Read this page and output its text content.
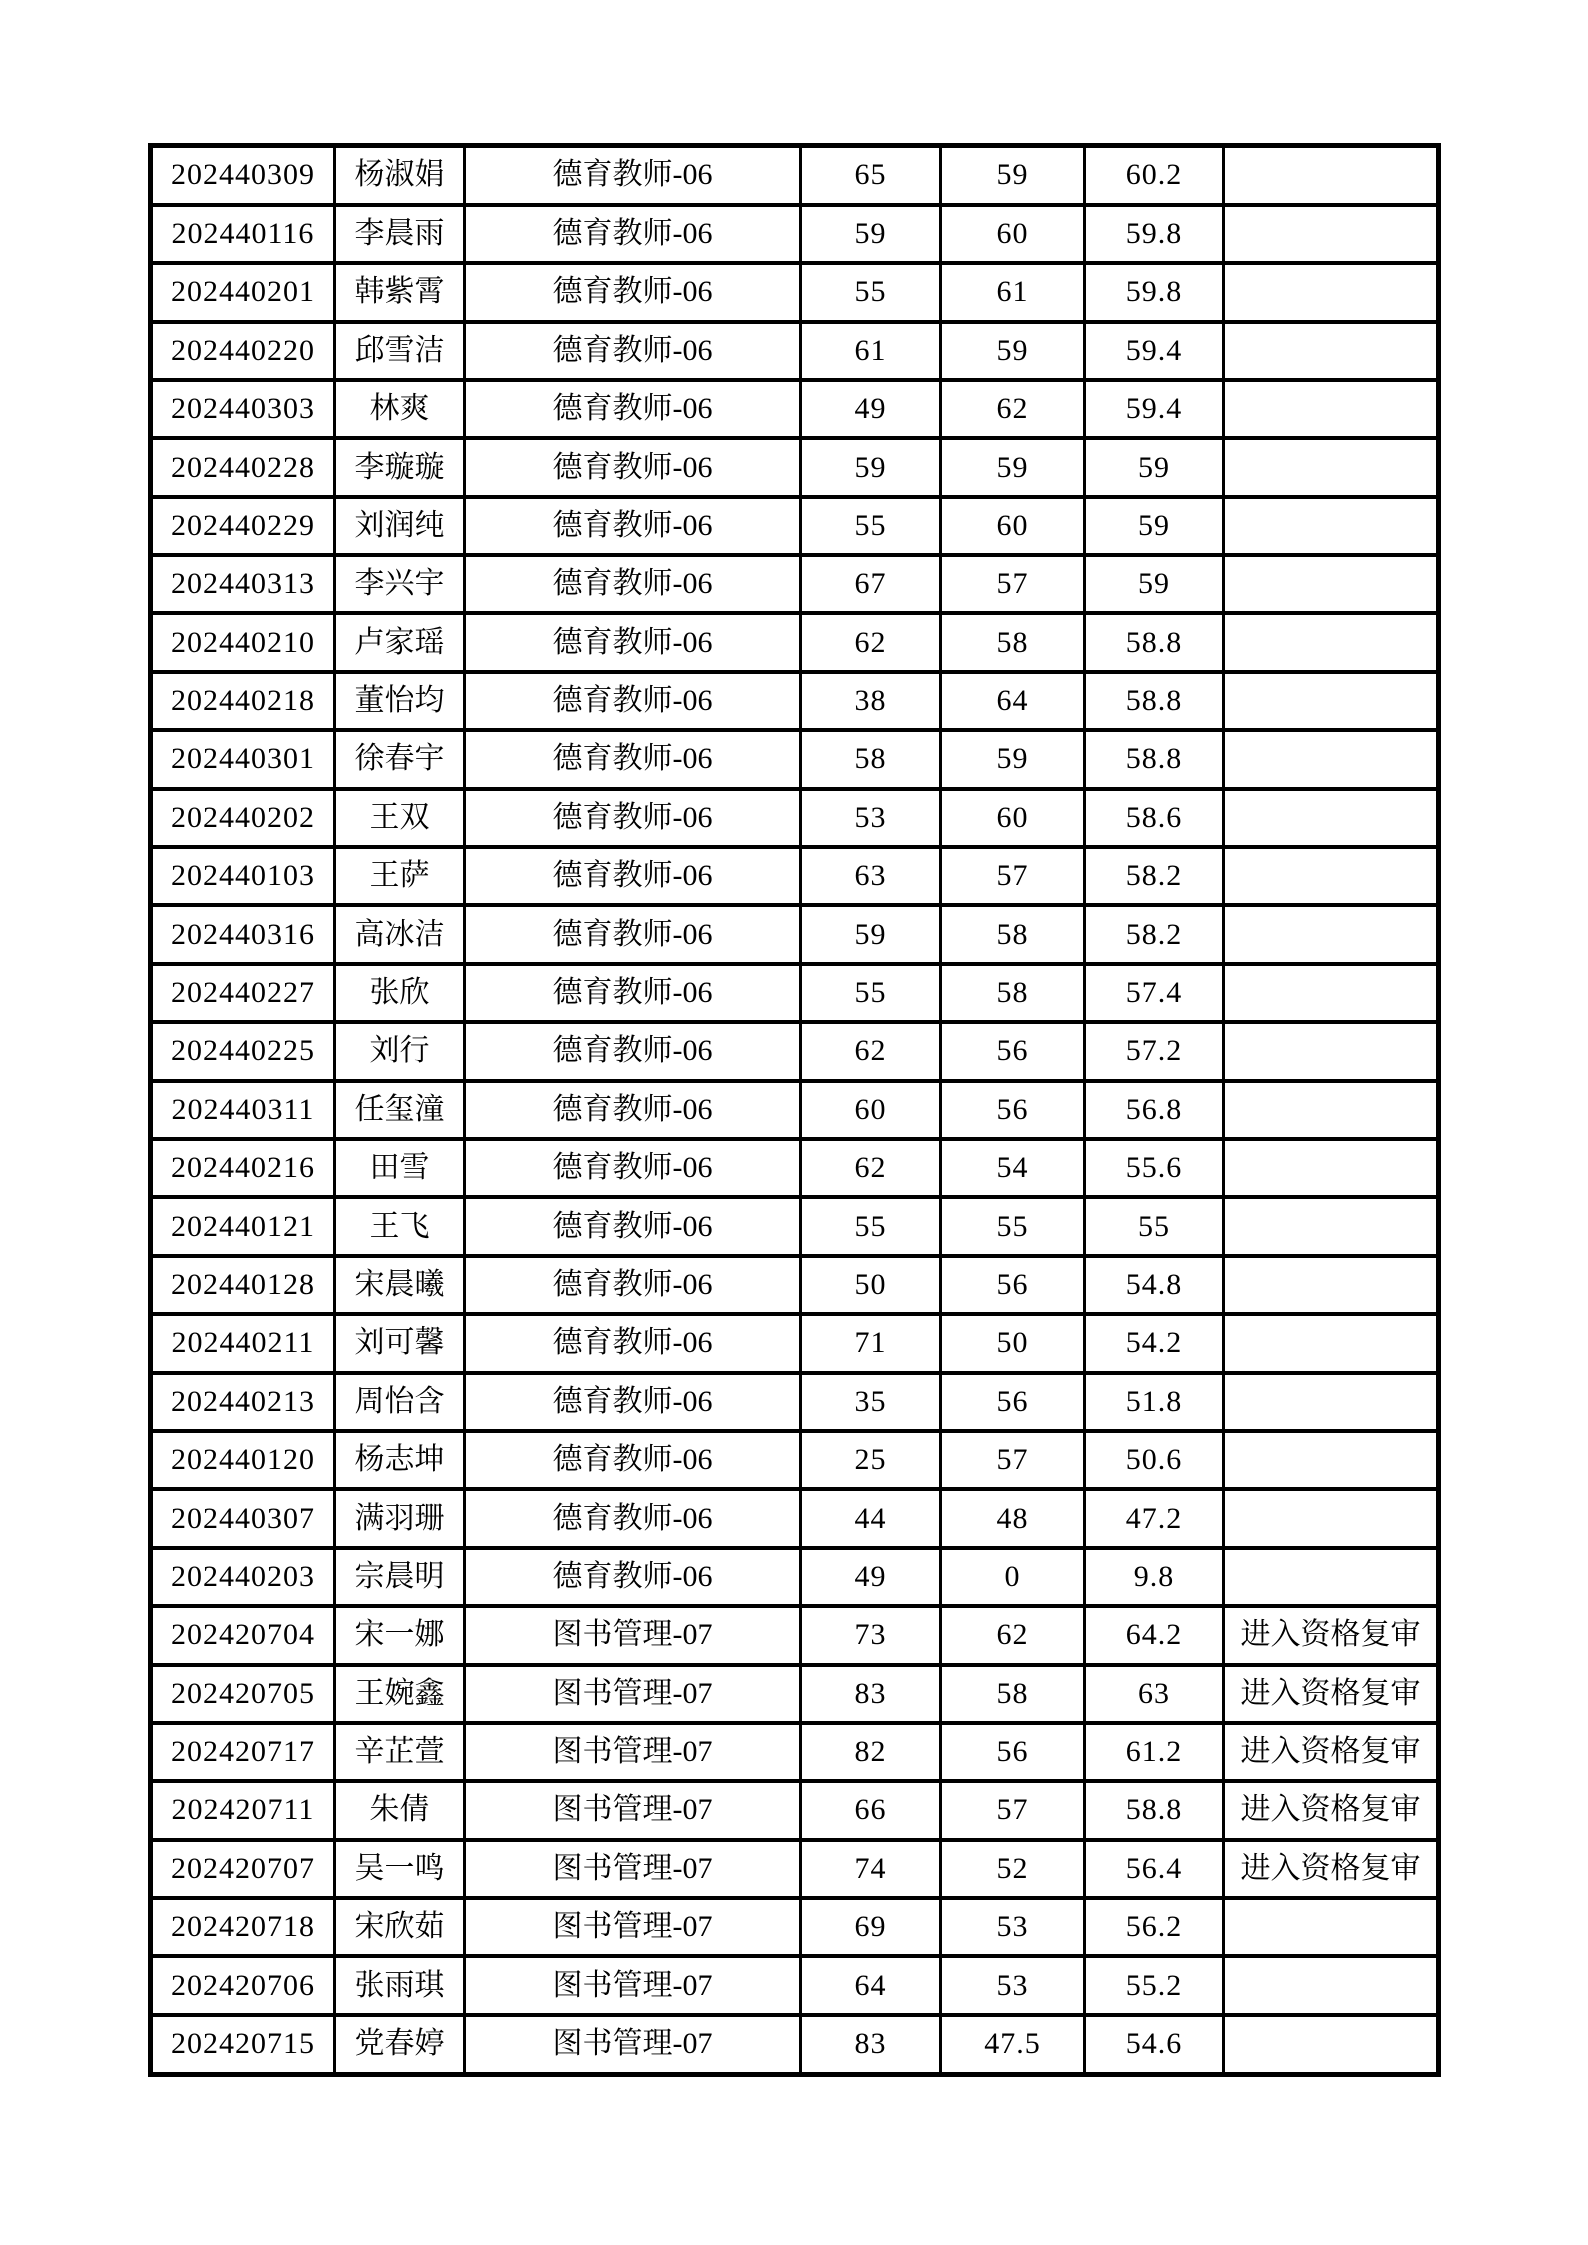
202440309	杨淑娟	德育教师-06	65	59	60.2	
202440116	李晨雨	德育教师-06	59	60	59.8	
202440201	韩紫霄	德育教师-06	55	61	59.8	
202440220	邱雪洁	德育教师-06	61	59	59.4	
202440303	林爽	德育教师-06	49	62	59.4	
202440228	李璇璇	德育教师-06	59	59	59	
202440229	刘润纯	德育教师-06	55	60	59	
202440313	李兴宇	德育教师-06	67	57	59	
202440210	卢家瑶	德育教师-06	62	58	58.8	
202440218	董怡均	德育教师-06	38	64	58.8	
202440301	徐春宇	德育教师-06	58	59	58.8	
202440202	王双	德育教师-06	53	60	58.6	
202440103	王萨	德育教师-06	63	57	58.2	
202440316	高冰洁	德育教师-06	59	58	58.2	
202440227	张欣	德育教师-06	55	58	57.4	
202440225	刘行	德育教师-06	62	56	57.2	
202440311	任玺潼	德育教师-06	60	56	56.8	
202440216	田雪	德育教师-06	62	54	55.6	
202440121	王飞	德育教师-06	55	55	55	
202440128	宋晨曦	德育教师-06	50	56	54.8	
202440211	刘可馨	德育教师-06	71	50	54.2	
202440213	周怡含	德育教师-06	35	56	51.8	
202440120	杨志坤	德育教师-06	25	57	50.6	
202440307	满羽珊	德育教师-06	44	48	47.2	
202440203	宗晨明	德育教师-06	49	0	9.8	
202420704	宋一娜	图书管理-07	73	62	64.2	进入资格复审
202420705	王婉鑫	图书管理-07	83	58	63	进入资格复审
202420717	辛芷萱	图书管理-07	82	56	61.2	进入资格复审
202420711	朱倩	图书管理-07	66	57	58.8	进入资格复审
202420707	吴一鸣	图书管理-07	74	52	56.4	进入资格复审
202420718	宋欣茹	图书管理-07	69	53	56.2	
202420706	张雨琪	图书管理-07	64	53	55.2	
202420715	党春婷	图书管理-07	83	47.5	54.6	
